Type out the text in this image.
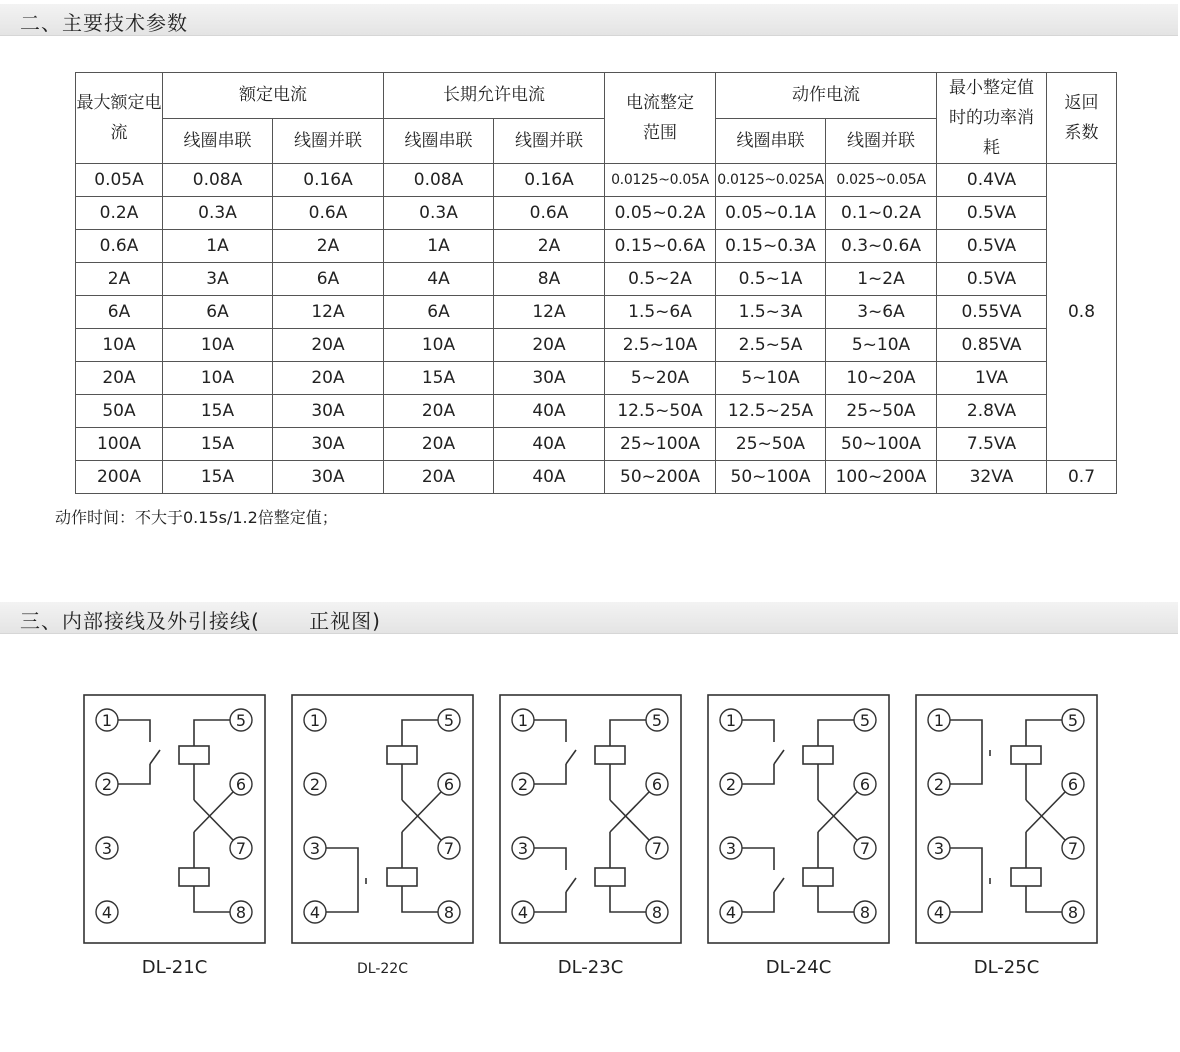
二、主要技术参数
最大额定电流	额定电流		长期允许电流		电流整定范围	动作电流		最小整定值时的功率消耗	返回系数
	线圈串联	线圈并联	线圈串联	线圈并联		线圈串联	线圈并联		
0.05A	0.08A	0.16A	0.08A	0.16A	0.0125~0.05A	0.0125~0.025A	0.025~0.05A	0.4VA	0.8
0.2A	0.3A	0.6A	0.3A	0.6A	0.05~0.2A	0.05~0.1A	0.1~0.2A	0.5VA	
0.6A	1A	2A	1A	2A	0.15~0.6A	0.15~0.3A	0.3~0.6A	0.5VA	
2A	3A	6A	4A	8A	0.5~2A	0.5~1A	1~2A	0.5VA	
6A	6A	12A	6A	12A	1.5~6A	1.5~3A	3~6A	0.55VA	
10A	10A	20A	10A	20A	2.5~10A	2.5~5A	5~10A	0.85VA	
20A	10A	20A	15A	30A	5~20A	5~10A	10~20A	1VA	
50A	15A	30A	20A	40A	12.5~50A	12.5~25A	25~50A	2.8VA	
100A	15A	30A	20A	40A	25~100A	25~50A	50~100A	7.5VA	
200A	15A	30A	20A	40A	50~200A	50~100A	100~200A	32VA	0.7
动作时间：不大于0.15s/1.2倍整定值；
三、内部接线及外引接线(　　 正视图)
1	5
2	6
3	7
4	8
DL-21C
1	5
2	6
3	7
4	8
DL-22C
1	5
2	6
3	7
4	8
DL-23C
1	5
2	6
3	7
4	8
DL-24C
1	5
2	6
3	7
4	8
DL-25C
